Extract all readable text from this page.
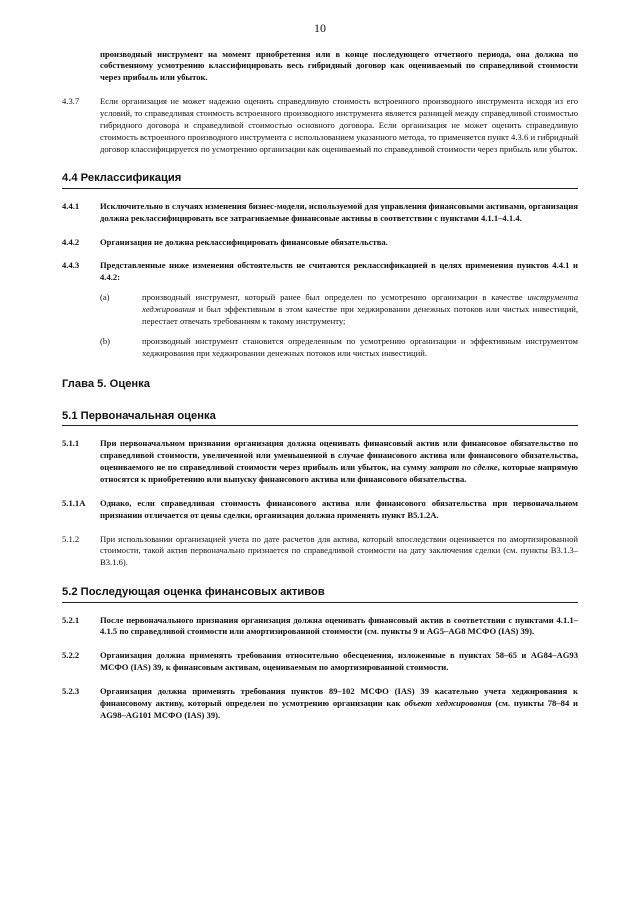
10

производный инструмент на момент приобретения или в конце последующего отчетного периода, она должна по собственному усмотрению классифицировать весь гибридный договор как оцениваемый по справедливой стоимости через прибыль или убыток.

4.3.7	Если организация не может надежно оценить справедливую стоимость встроенного производного инструмента исходя из его условий, то справедливая стоимость встроенного производного инструмента является разницей между справедливой стоимостью гибридного договора и справедливой стоимостью основного договора. Если организация не может оценить справедливую стоимость встроенного производного инструмента с использованием указанного метода, то применяется пункт 4.3.6 и гибридный договор классифицируется по усмотрению организации как оцениваемый по справедливой стоимости через прибыль или убыток.
4.4 Реклассификация
4.4.1	Исключительно в случаях изменения бизнес-модели, используемой для управления финансовыми активами, организация должна реклассифицировать все затрагиваемые финансовые активы в соответствии с пунктами 4.1.1–4.1.4.
4.4.2	Организация не должна реклассифицировать финансовые обязательства.
4.4.3	Представленные ниже изменения обстоятельств не считаются реклассификацией в целях применения пунктов 4.4.1 и 4.4.2:
(a)	производный инструмент, который ранее был определен по усмотрению организации в качестве инструмента хеджирования и был эффективным в этом качестве при хеджировании денежных потоков или чистых инвестиций, перестает отвечать требованиям к такому инструменту;
(b)	производный инструмент становится определенным по усмотрению организации и эффективным инструментом хеджирования при хеджировании денежных потоков или чистых инвестиций.
Глава 5. Оценка
5.1 Первоначальная оценка
5.1.1	При первоначальном признании организация должна оценивать финансовый актив или финансовое обязательство по справедливой стоимости, увеличенной или уменьшенной в случае финансового актива или финансового обязательства, оцениваемого не по справедливой стоимости через прибыль или убыток, на сумму затрат по сделке, которые напрямую относятся к приобретению или выпуску финансового актива или финансового обязательства.
5.1.1A	Однако, если справедливая стоимость финансового актива или финансового обязательства при первоначальном признании отличается от цены сделки, организация должна применять пункт B5.1.2A.
5.1.2	При использовании организацией учета по дате расчетов для актива, который впоследствии оценивается по амортизированной стоимости, такой актив первоначально признается по справедливой стоимости на дату заключения сделки (см. пункты B3.1.3–B3.1.6).
5.2 Последующая оценка финансовых активов
5.2.1	После первоначального признания организация должна оценивать финансовый актив в соответствии с пунктами 4.1.1–4.1.5 по справедливой стоимости или амортизированной стоимости (см. пункты 9 и AG5–AG8 МСФО (IAS) 39).
5.2.2	Организация должна применять требования относительно обесценения, изложенные в пунктах 58–65 и AG84–AG93 МСФО (IAS) 39, к финансовым активам, оцениваемым по амортизированной стоимости.
5.2.3	Организация должна применять требования пунктов 89–102 МСФО (IAS) 39 касательно учета хеджирования к финансовому активу, который определен по усмотрению организации как объект хеджирования (см. пункты 78–84 и AG98–AG101 МСФО (IAS) 39).
